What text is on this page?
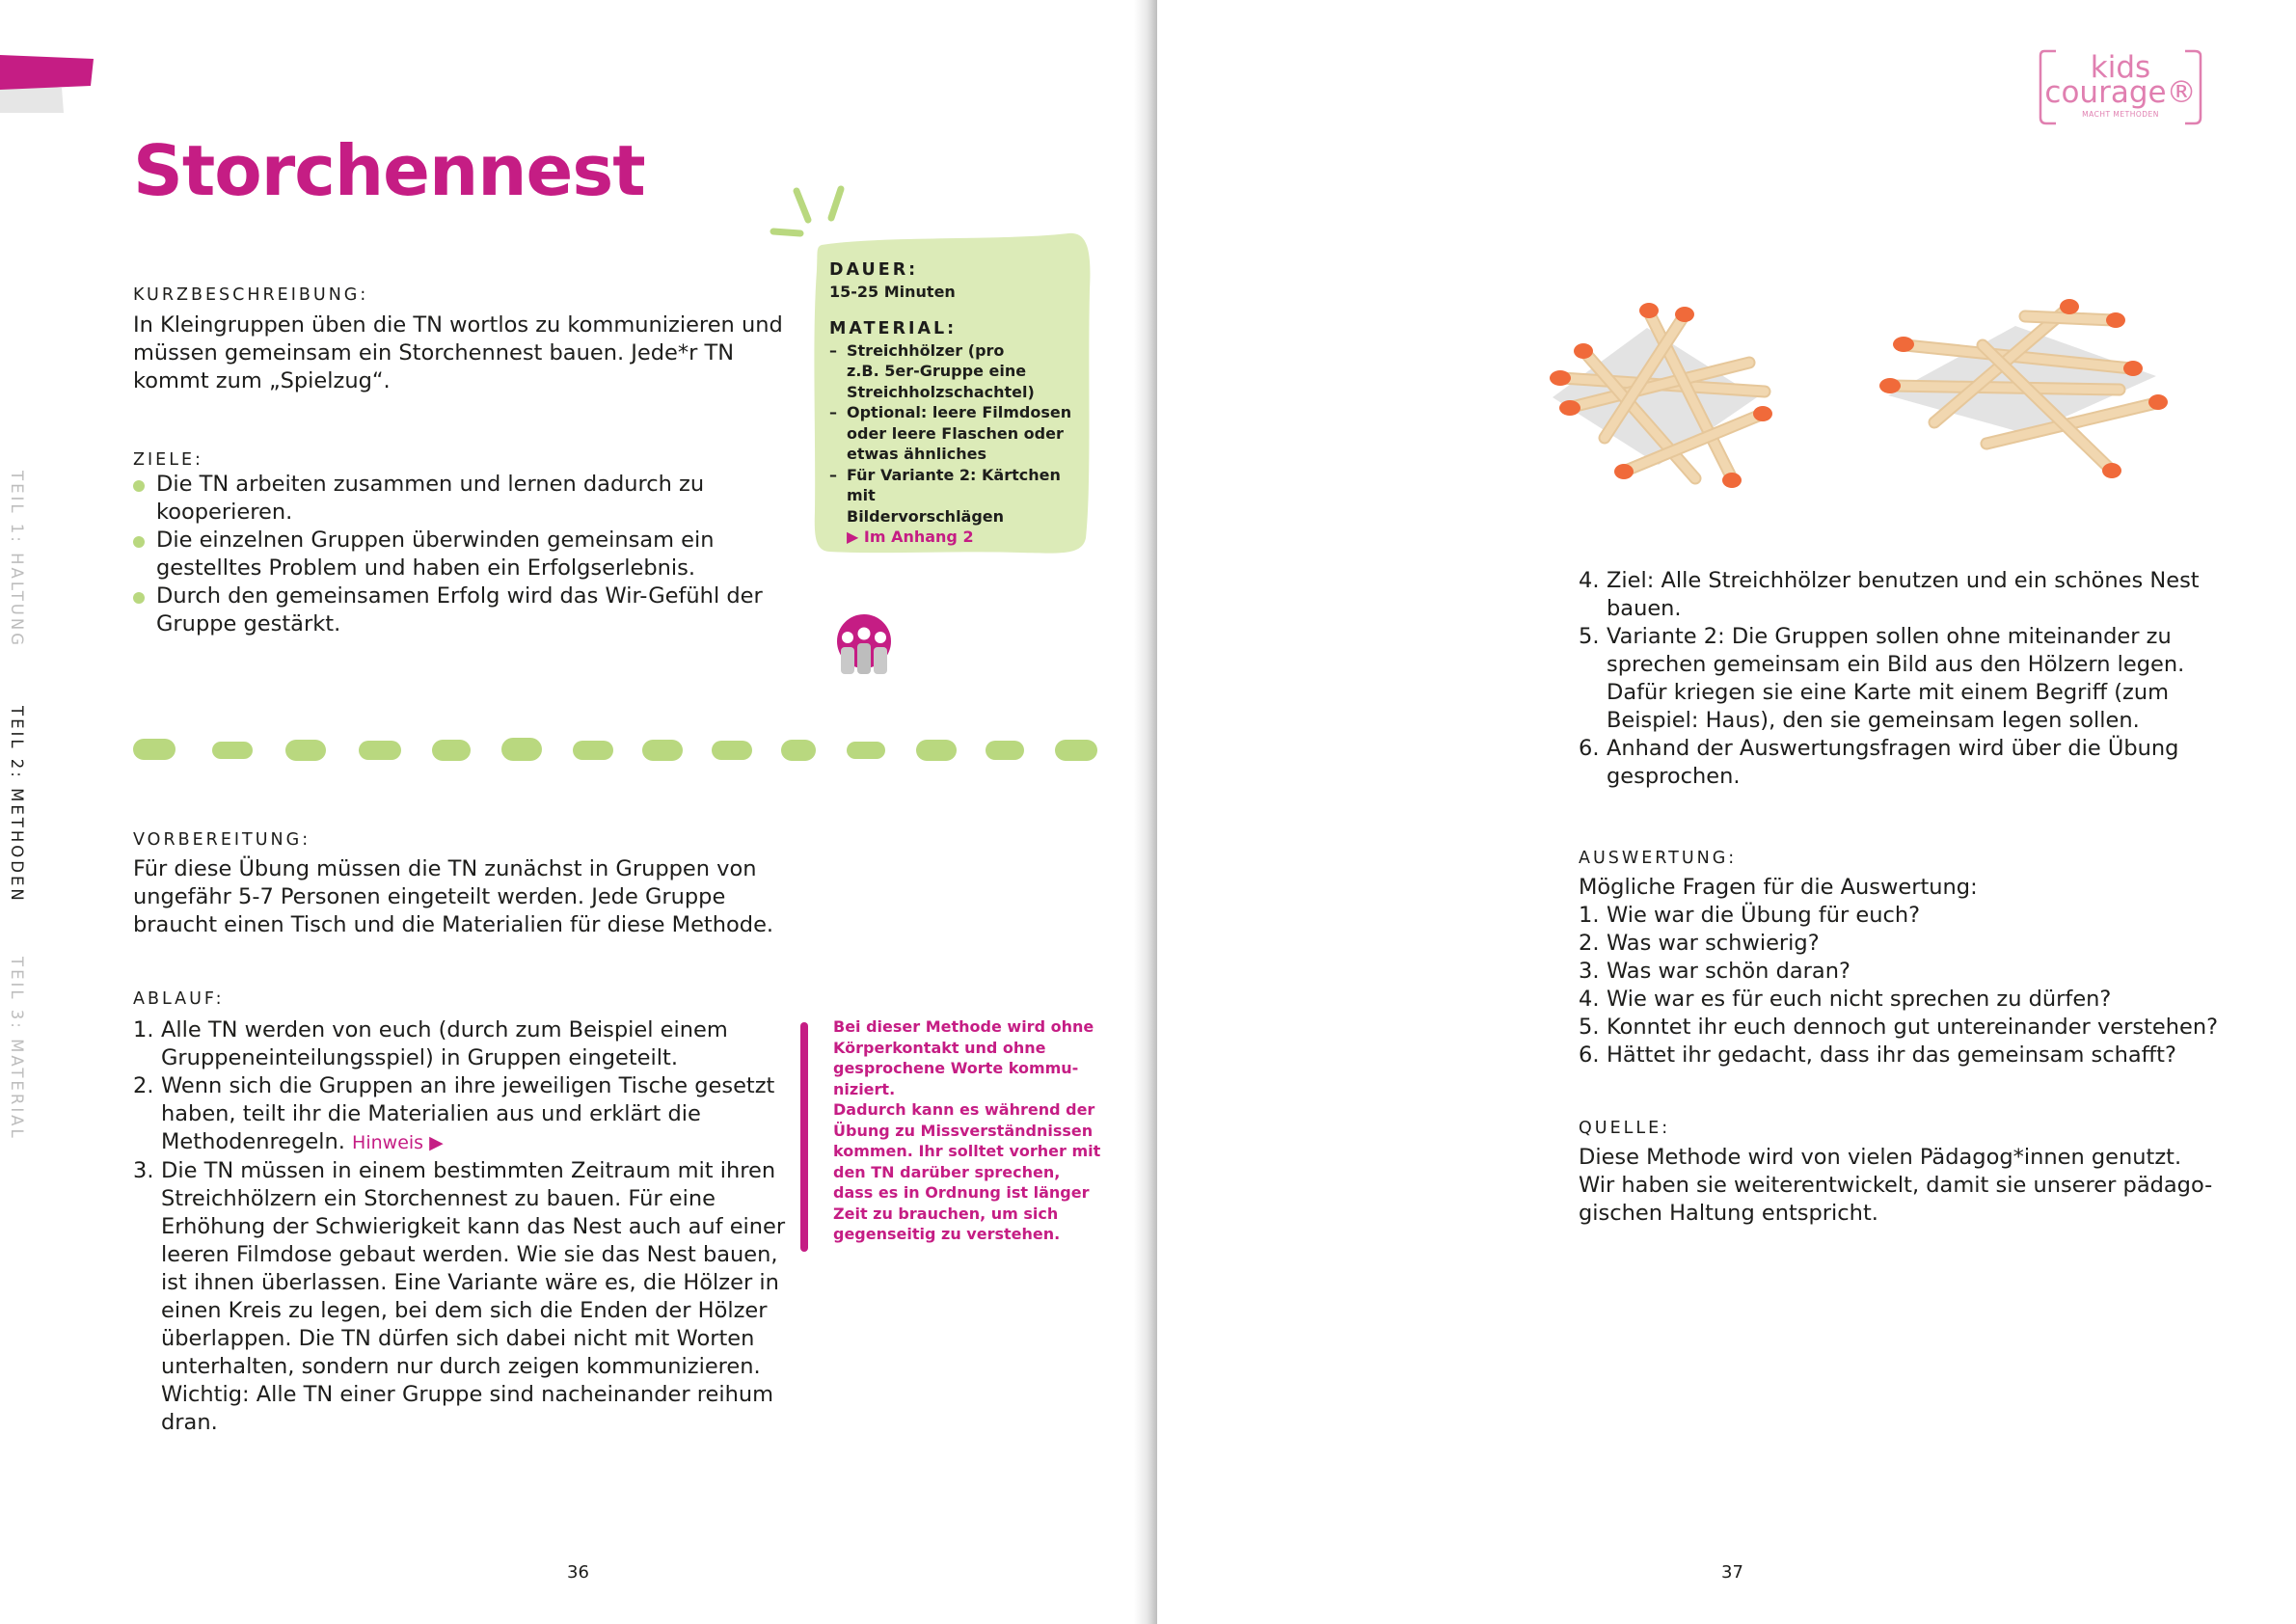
TEIL 1: HALTUNG
TEIL 2: METHODEN
TEIL 3: MATERIAL
Storchennest
KURZBESCHREIBUNG:
In Kleingruppen üben die TN wortlos zu kommunizieren und
müssen gemeinsam ein Storchennest bauen. Jede*r TN
kommt zum „Spielzug“.
ZIELE:
Die TN arbeiten zusammen und lernen dadurch zu
kooperieren.
Die einzelnen Gruppen überwinden gemeinsam ein
gestelltes Problem und haben ein Erfolgserlebnis.
Durch den gemeinsamen Erfolg wird das Wir-Gefühl der
Gruppe gestärkt.
DAUER:
15-25 Minuten
MATERIAL:
– Streichhölzer (pro
z.B. 5er-Gruppe eine
Streichholzschachtel)
– Optional: leere Filmdosen
oder leere Flaschen oder
etwas ähnliches
– Für Variante 2: Kärtchen mit
Bildervorschlägen
▶ Im Anhang 2
VORBEREITUNG:
Für diese Übung müssen die TN zunächst in Gruppen von
ungefähr 5-7 Personen eingeteilt werden. Jede Gruppe
braucht einen Tisch und die Materialien für diese Methode.
ABLAUF:
1. Alle TN werden von euch (durch zum Beispiel einem
Gruppeneinteilungsspiel) in Gruppen eingeteilt.
2. Wenn sich die Gruppen an ihre jeweiligen Tische gesetzt
haben, teilt ihr die Materialien aus und erklärt die
Methodenregeln. Hinweis ▶
3. Die TN müssen in einem bestimmten Zeitraum mit ihren
Streichhölzern ein Storchennest zu bauen. Für eine
Erhöhung der Schwierigkeit kann das Nest auch auf einer
leeren Filmdose gebaut werden. Wie sie das Nest bauen,
ist ihnen überlassen. Eine Variante wäre es, die Hölzer in
einen Kreis zu legen, bei dem sich die Enden der Hölzer
überlappen. Die TN dürfen sich dabei nicht mit Worten
unterhalten, sondern nur durch zeigen kommunizieren.
Wichtig: Alle TN einer Gruppe sind nacheinander reihum
dran.
Bei dieser Methode wird ohne
Körperkontakt und ohne
gesprochene Worte kommu-
niziert.
Dadurch kann es während der
Übung zu Missverständnissen
kommen. Ihr solltet vorher mit
den TN darüber sprechen,
dass es in Ordnung ist länger
Zeit zu brauchen, um sich
gegenseitig zu verstehen.
36
kids
courage®
MACHT METHODEN
4. Ziel: Alle Streichhölzer benutzen und ein schönes Nest
bauen.
5. Variante 2: Die Gruppen sollen ohne miteinander zu
sprechen gemeinsam ein Bild aus den Hölzern legen.
Dafür kriegen sie eine Karte mit einem Begriff (zum
Beispiel: Haus), den sie gemeinsam legen sollen.
6. Anhand der Auswertungsfragen wird über die Übung
gesprochen.
AUSWERTUNG:
Mögliche Fragen für die Auswertung:
1. Wie war die Übung für euch?
2. Was war schwierig?
3. Was war schön daran?
4. Wie war es für euch nicht sprechen zu dürfen?
5. Konntet ihr euch dennoch gut untereinander verstehen?
6. Hättet ihr gedacht, dass ihr das gemeinsam schafft?
QUELLE:
Diese Methode wird von vielen Pädagog*innen genutzt.
Wir haben sie weiterentwickelt, damit sie unserer pädago-
gischen Haltung entspricht.
37
